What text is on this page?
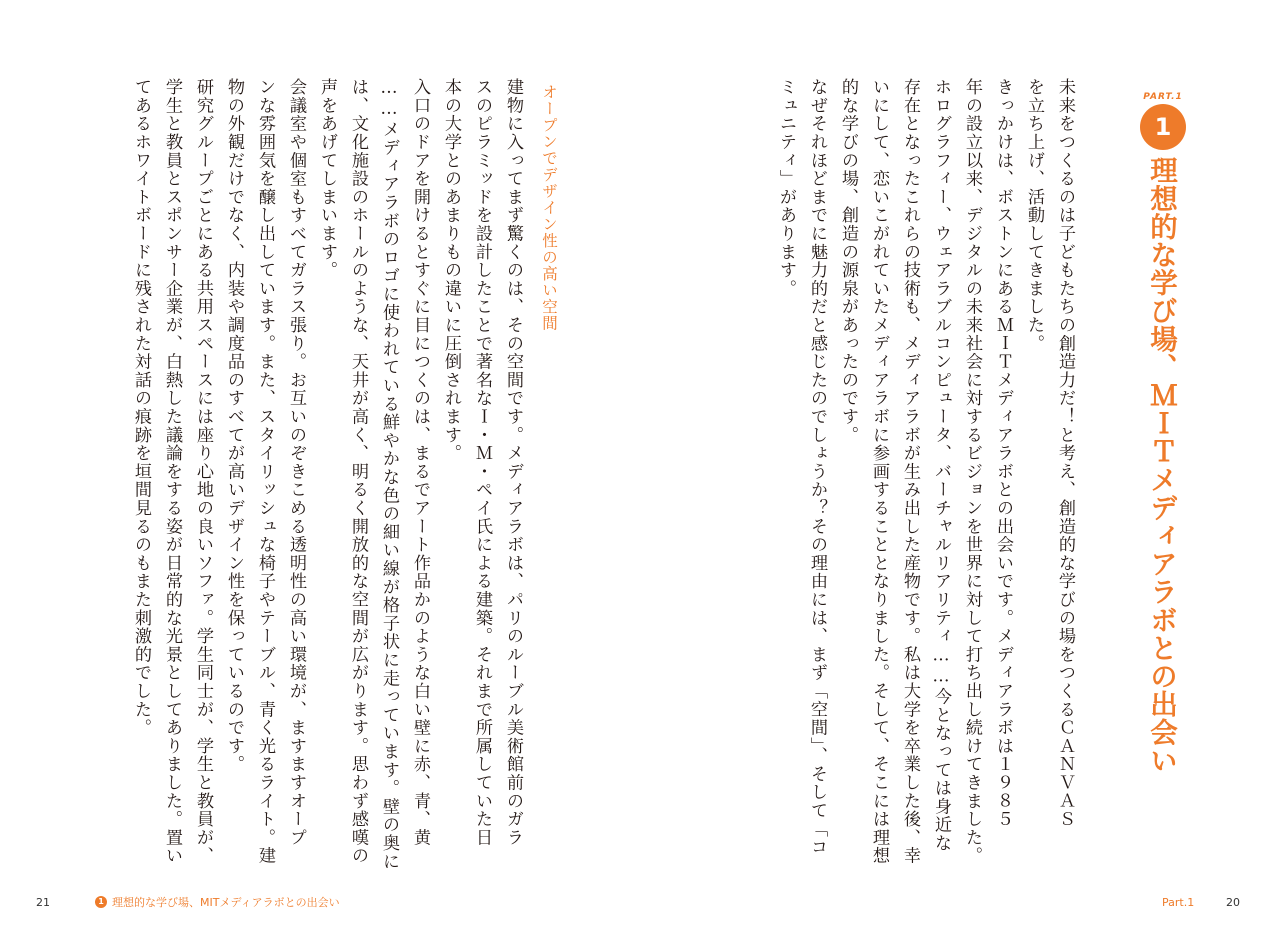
PART.1
1
理想的な学び場、ＭＩＴメディアラボとの出会い
未来をつくるのは子どもたちの創造力だ！と考え、創造的な学びの場をつくるＣＡＮＶＡＳ
を立ち上げ、活動してきました。
きっかけは、ボストンにあるＭＩＴメディアラボとの出会いです。メディアラボは１９８５
年の設立以来、デジタルの未来社会に対するビジョンを世界に対して打ち出し続けてきました。
ホログラフィー、ウェアラブルコンピュータ、バーチャルリアリティ……今となっては身近な
存在となったこれらの技術も、メディアラボが生み出した産物です。私は大学を卒業した後、幸
いにして、恋いこがれていたメディアラボに参画することとなりました。そして、そこには理想
的な学びの場、創造の源泉があったのです。
なぜそれほどまでに魅力的だと感じたのでしょうか？その理由には、まず「空間」、そして「コ
ミュニティ」があります。
オープンでデザイン性の高い空間
建物に入ってまず驚くのは、その空間です。メディアラボは、パリのルーブル美術館前のガラ
スのピラミッドを設計したことで著名なＩ・Ｍ・ペイ氏による建築。それまで所属していた日
本の大学とのあまりもの違いに圧倒されます。
入口のドアを開けるとすぐに目につくのは、まるでアート作品かのような白い壁に赤、青、黄
……メディアラボのロゴに使われている鮮やかな色の細い線が格子状に走っています。壁の奥に
は、文化施設のホールのような、天井が高く、明るく開放的な空間が広がります。思わず感嘆の
声をあげてしまいます。
会議室や個室もすべてガラス張り。お互いのぞきこめる透明性の高い環境が、ますますオープ
ンな雰囲気を醸し出しています。また、スタイリッシュな椅子やテーブル、青く光るライト。建
物の外観だけでなく、内装や調度品のすべてが高いデザイン性を保っているのです。
研究グループごとにある共用スペースには座り心地の良いソファ。学生同士が、学生と教員が、
学生と教員とスポンサー企業が、白熱した議論をする姿が日常的な光景としてありました。置い
てあるホワイトボードに残された対話の痕跡を垣間見るのもまた刺激的でした。
21	1 理想的な学び場、MITメディアラボとの出会い	Part.1	20
